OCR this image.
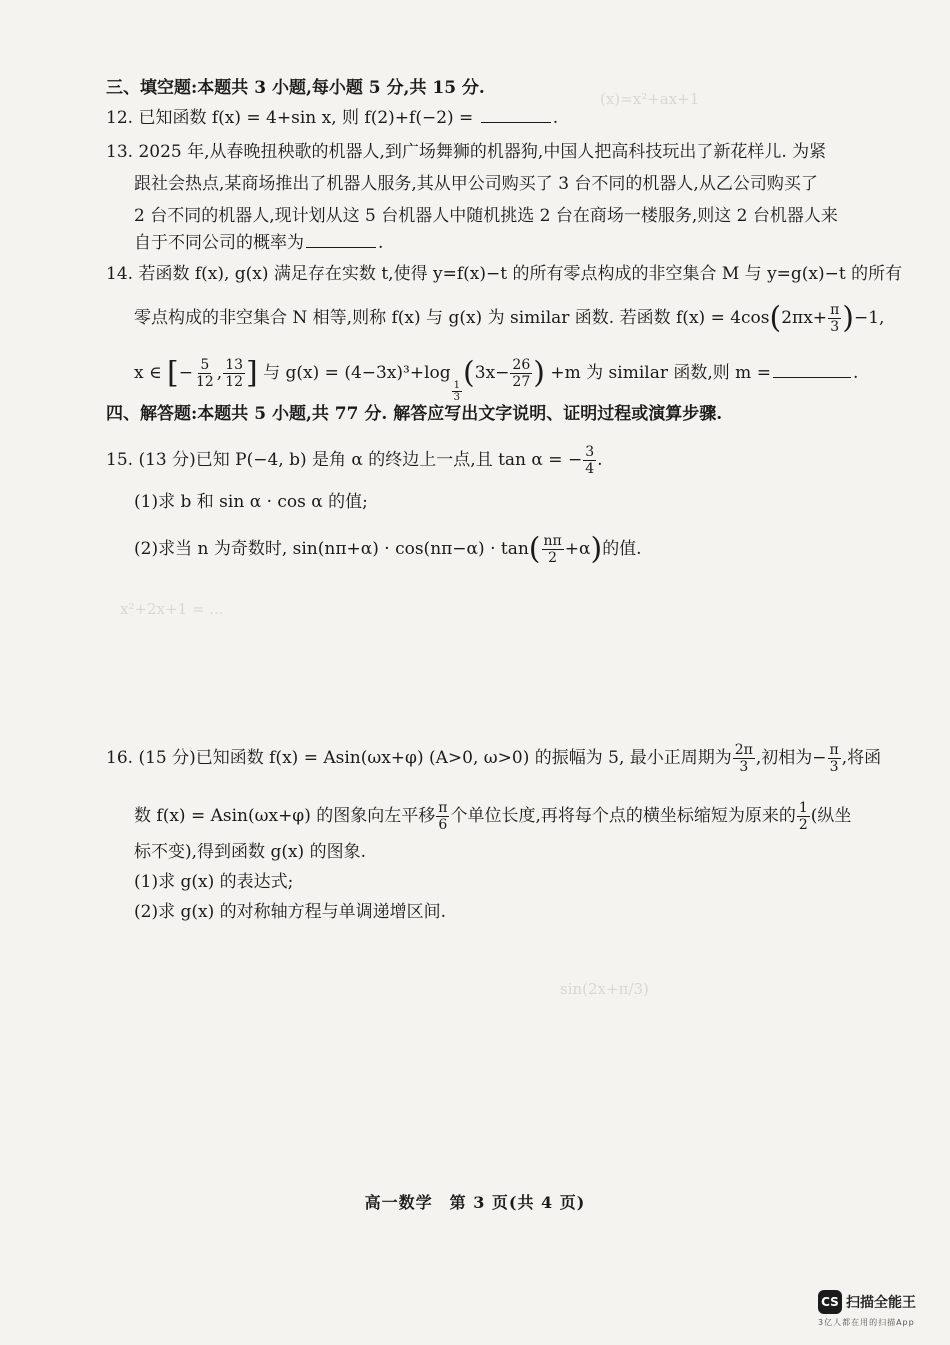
(x)=x²+ax+1
x²+2x+1 = ...
sin(2x+π/3)
三、填空题:本题共 3 小题,每小题 5 分,共 15 分.
12. 已知函数 f(x) = 4+sin x, 则 f(2)+f(−2) =	.
13. 2025 年,从春晚扭秧歌的机器人,到广场舞狮的机器狗,中国人把高科技玩出了新花样儿. 为紧
跟社会热点,某商场推出了机器人服务,其从甲公司购买了 3 台不同的机器人,从乙公司购买了
2 台不同的机器人,现计划从这 5 台机器人中随机挑选 2 台在商场一楼服务,则这 2 台机器人来
自于不同公司的概率为	.
14. 若函数 f(x), g(x) 满足存在实数 t,使得 y=f(x)−t 的所有零点构成的非空集合 M 与 y=g(x)−t 的所有
零点构成的非空集合 N 相等,则称 f(x) 与 g(x) 为 similar 函数. 若函数 $f(x) = 4\cos(2\pi x+ \frac{\pi}{3} )-1$,
x ∈ [− $\frac{5}{12}$ , $\frac{13}{12}$ ] 与 g(x) = (4−3x)³+log
$\frac{1}{3}$
($3x- \frac{26}{27}$ ) +m 为 similar 函数,则 m =	.
四、解答题:本题共 5 小题,共 77 分. 解答应写出文字说明、证明过程或演算步骤.
15. (13 分)已知 P(−4, b) 是角 α 的终边上一点,且 tan α = − $\frac{3}{4}$ .
(1)求 b 和 sin α · cos α 的值;
(2)求当 n 为奇数时, $\sin(n\pi+\alpha) \cdot \cos(n\pi-\alpha) \cdot \tan( \frac{n\pi}{2} +\alpha)$的值.
16. (15 分)已知函数 f(x) = Asin(ωx+φ) (A>0, ω>0) 的振幅为 5, 最小正周期为 $\frac{2\pi}{3}$ ,初相为− $\frac{\pi}{3}$ ,将函
数 f(x) = Asin(ωx+φ) 的图象向左平移 $\frac{\pi}{6}$ 个单位长度,再将每个点的横坐标缩短为原来的 $\frac{1}{2}$ (纵坐
标不变),得到函数 g(x) 的图象.
(1)求 g(x) 的表达式;
(2)求 g(x) 的对称轴方程与单调递增区间.
高一数学　第 3 页(共 4 页)
CS 扫描全能王
3亿人都在用的扫描App
